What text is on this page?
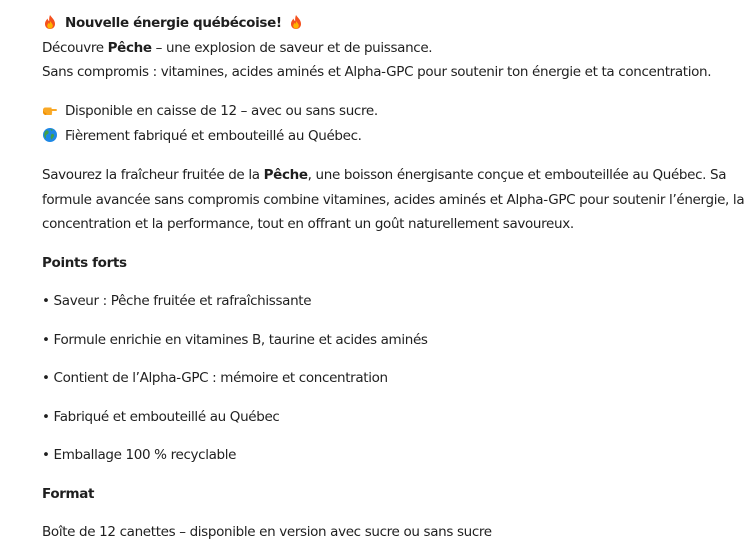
Nouvelle énergie québécoise!
Découvre Pêche – une explosion de saveur et de puissance.
Sans compromis : vitamines, acides aminés et Alpha-GPC pour soutenir ton énergie et ta concentration.
Disponible en caisse de 12 – avec ou sans sucre.
Fièrement fabriqué et embouteillé au Québec.
Savourez la fraîcheur fruitée de la Pêche, une boisson énergisante conçue et embouteillée au Québec. Sa
formule avancée sans compromis combine vitamines, acides aminés et Alpha-GPC pour soutenir l’énergie, la
concentration et la performance, tout en offrant un goût naturellement savoureux.
Points forts
• Saveur : Pêche fruitée et rafraîchissante
• Formule enrichie en vitamines B, taurine et acides aminés
• Contient de l’Alpha-GPC : mémoire et concentration
• Fabriqué et embouteillé au Québec
• Emballage 100 % recyclable
Format
Boîte de 12 canettes – disponible en version avec sucre ou sans sucre
